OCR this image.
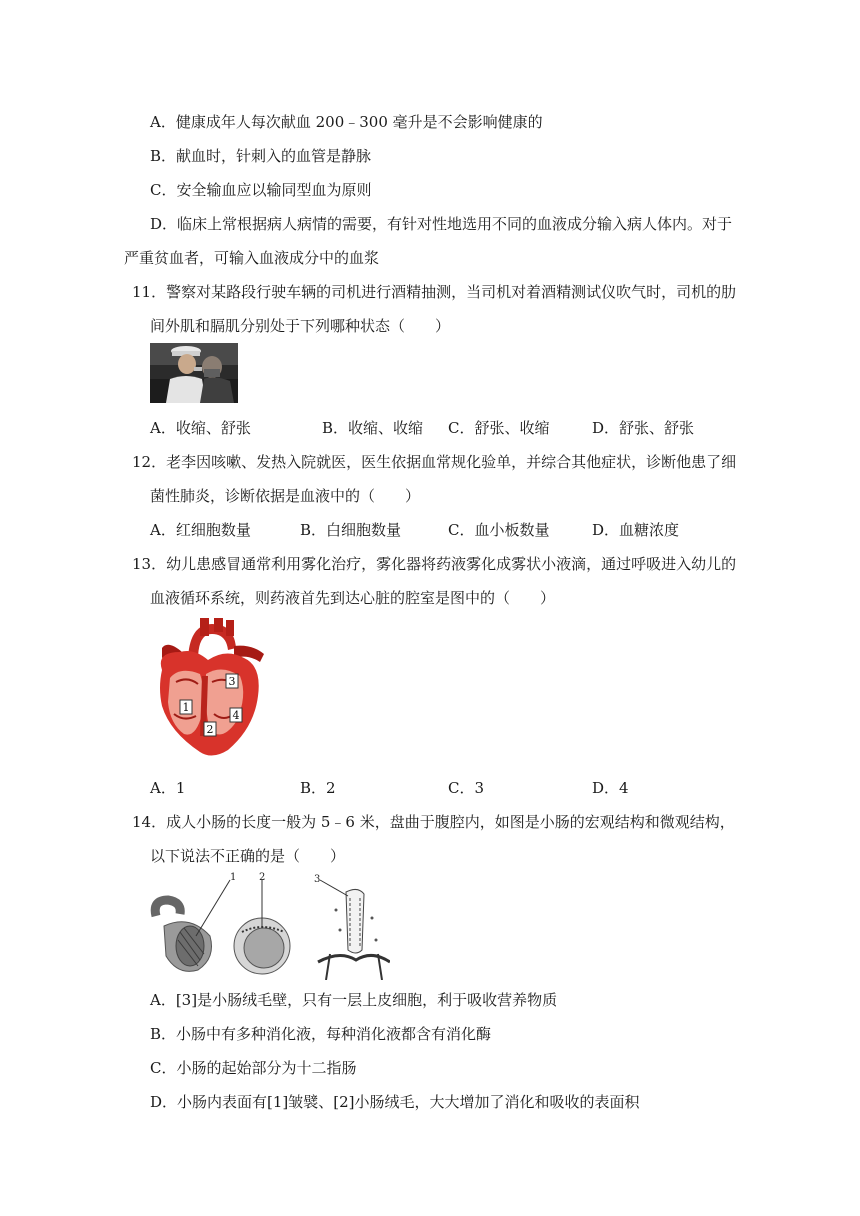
A．健康成年人每次献血 200﹣300 毫升是不会影响健康的
B．献血时，针刺入的血管是静脉
C．安全输血应以输同型血为原则
D．临床上常根据病人病情的需要，有针对性地选用不同的血液成分输入病人体内。对于
严重贫血者，可输入血液成分中的血浆
11．警察对某路段行驶车辆的司机进行酒精抽测，当司机对着酒精测试仪吹气时，司机的肋
间外肌和膈肌分别处于下列哪种状态（　　）
A．收缩、舒张	B．收缩、收缩 C．舒张、收缩	D．舒张、舒张
12．老李因咳嗽、发热入院就医，医生依据血常规化验单，并综合其他症状，诊断他患了细
菌性肺炎，诊断依据是血液中的（　　）
A．红细胞数量	B．白细胞数量	C．血小板数量	D．血糖浓度
13．幼儿患感冒通常利用雾化治疗，雾化器将药液雾化成雾状小液滴，通过呼吸进入幼儿的
血液循环系统，则药液首先到达心脏的腔室是图中的（　　）
1
2
3
4
A．1	B．2	C．3	D．4
14．成人小肠的长度一般为 5﹣6 米，盘曲于腹腔内，如图是小肠的宏观结构和微观结构，
以下说法不正确的是（　　）
1 2	3
A．[3]是小肠绒毛壁，只有一层上皮细胞，利于吸收营养物质
B．小肠中有多种消化液，每种消化液都含有消化酶
C．小肠的起始部分为十二指肠
D．小肠内表面有[1]皱襞、[2]小肠绒毛，大大增加了消化和吸收的表面积
